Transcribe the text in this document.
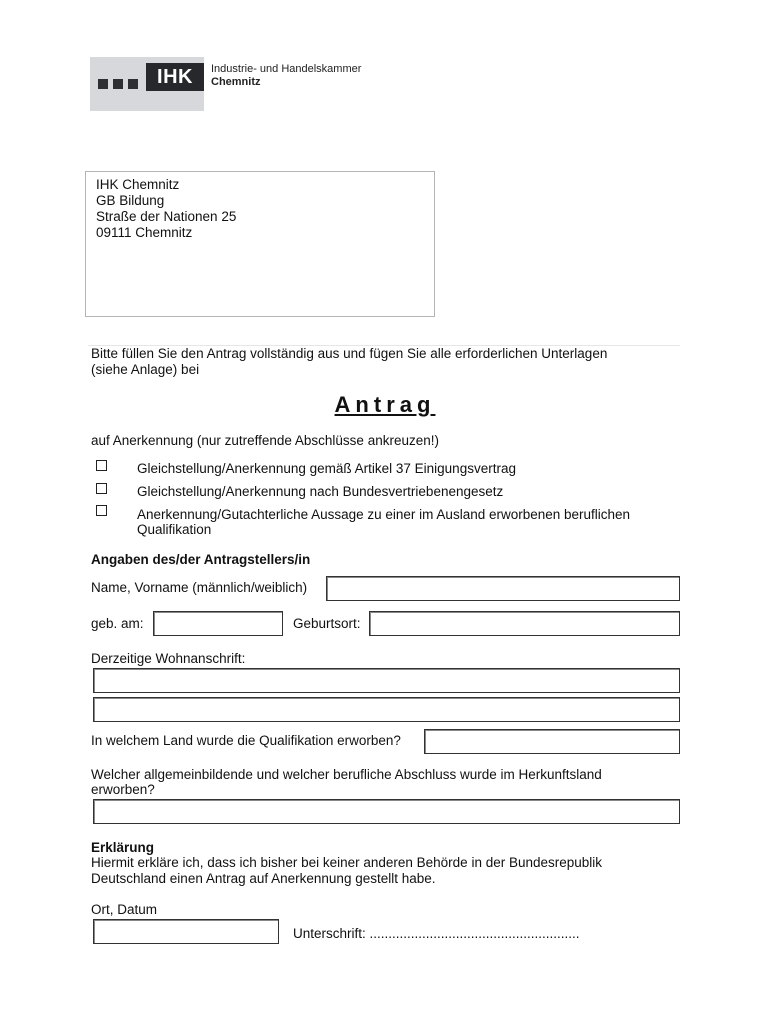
IHK	Industrie- und Handelskammer
Chemnitz
IHK Chemnitz
GB Bildung
Straße der Nationen 25
09111 Chemnitz
Bitte füllen Sie den Antrag vollständig aus und fügen Sie alle erforderlichen Unterlagen
(siehe Anlage) bei
Antrag
auf Anerkennung (nur zutreffende Abschlüsse ankreuzen!)
Gleichstellung/Anerkennung gemäß Artikel 37 Einigungsvertrag
Gleichstellung/Anerkennung nach Bundesvertriebenengesetz
Anerkennung/Gutachterliche Aussage zu einer im Ausland erworbenen beruflichen
Qualifikation
Angaben des/der Antragstellers/in
Name, Vorname (männlich/weiblich)
geb. am:	Geburtsort:
Derzeitige Wohnanschrift:
In welchem Land wurde die Qualifikation erworben?
Welcher allgemeinbildende und welcher berufliche Abschluss wurde im Herkunftsland
erworben?
Erklärung
Hiermit erkläre ich, dass ich bisher bei keiner anderen Behörde in der Bundesrepublik
Deutschland einen Antrag auf Anerkennung gestellt habe.
Ort, Datum
Unterschrift: ........................................................
